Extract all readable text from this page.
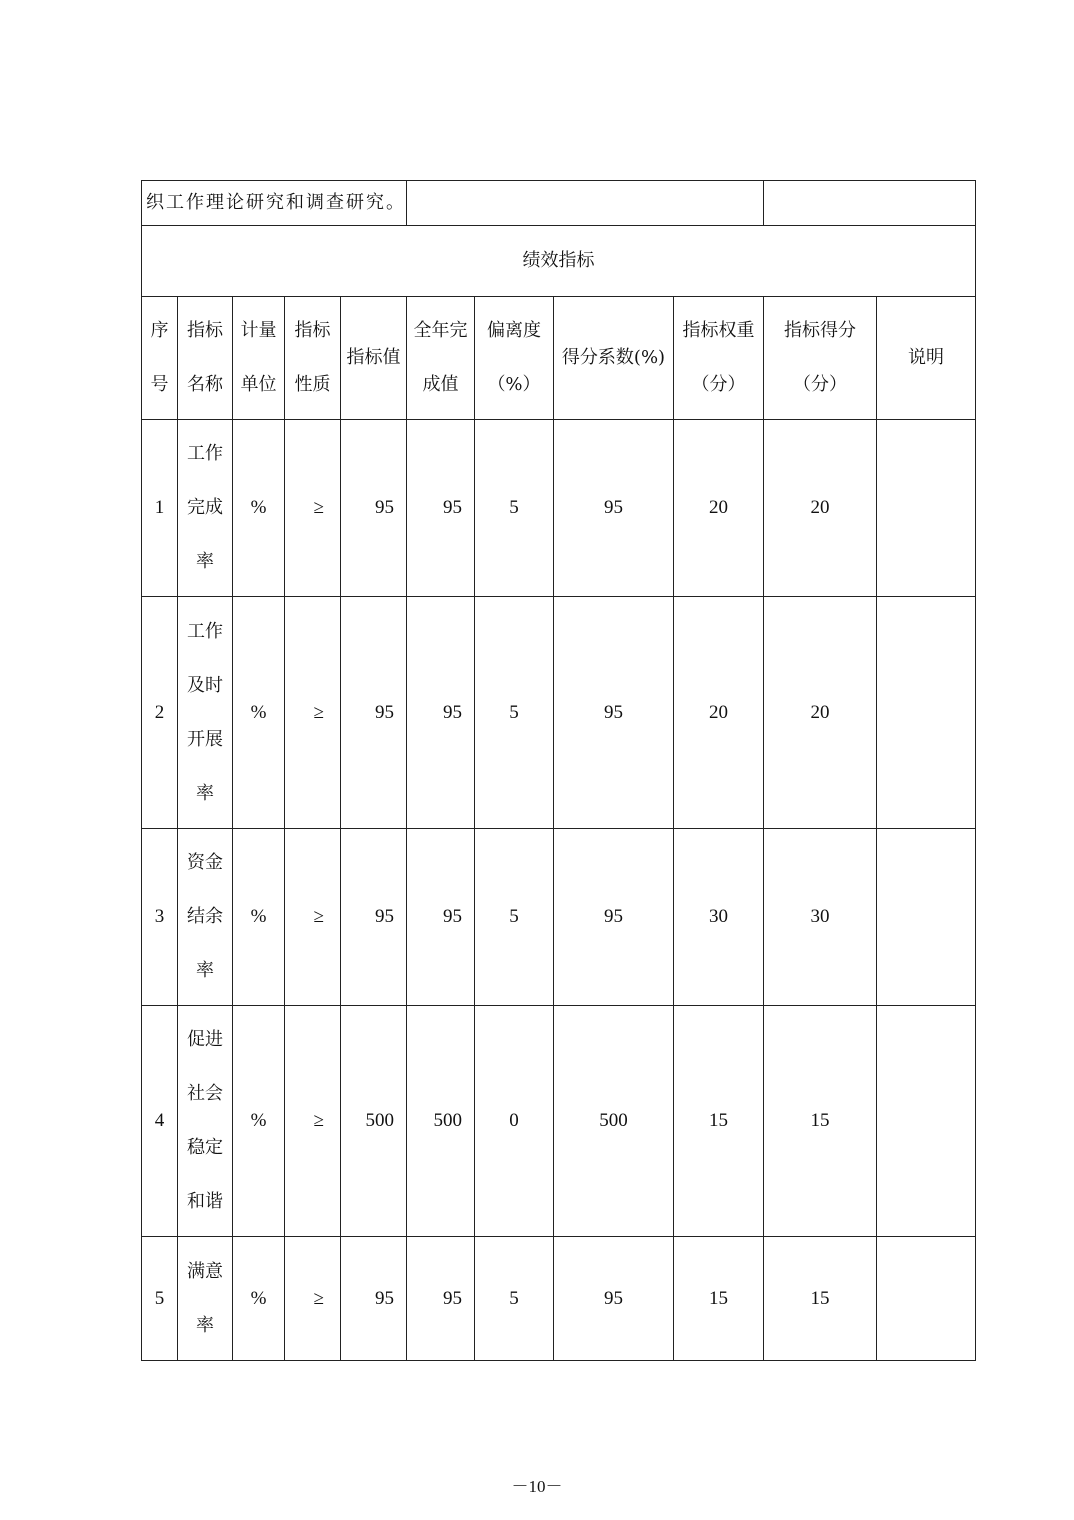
织工作理论研究和调查研究。										
绩效指标										
序号	指标名称	计量单位	指标性质	指标值	全年完成值	偏离度（%）	得分系数(%)	指标权重（分）	指标得分（分）	说明
1	工作
完成
率	%	≥	95	95	5	95	20	20	
2	工作
及时
开展
率	%	≥	95	95	5	95	20	20	
3	资金
结余
率	%	≥	95	95	5	95	30	30	
4	促进
社会
稳定
和谐	%	≥	500	500	0	500	15	15	
5	满意
率	%	≥	95	95	5	95	15	15	
－10－
